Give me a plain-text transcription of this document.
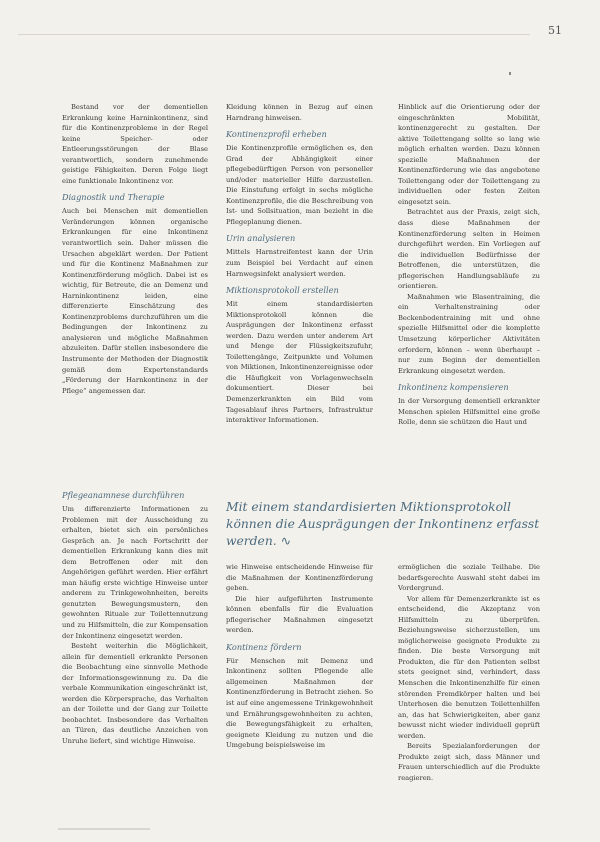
51

Bestand vor der dementiellen Erkrankung keine Harninkontinenz, sind für die Kontinenzprobleme in der Regel keine Speicher- oder Entleerungsstörungen der Blase verantwortlich, sondern zunehmende geistige Fähigkeiten. Deren Folge liegt eine funktionale Inkontinenz vor.

Diagnostik und Therapie

Auch bei Menschen mit dementiellen Veränderungen können organische Erkrankungen für eine Inkontinenz verantwortlich sein. Daher müssen die Ursachen abgeklärt werden. Der Patient und für die Kontinenz Maßnahmen zur Kontinenzförderung möglich. Dabei ist es wichtig, für Betreute, die an Demenz und Harninkontinenz leiden, eine differenzierte Einschätzung des Kontinenzproblems durchzuführen um die Bedingungen der Inkontinenz zu analysieren und mögliche Maßnahmen abzuleiten. Dafür stellen insbesondere die Instrumente der Methoden der Diagnostik gemäß dem Expertenstandards „Förderung der Harnkontinenz in der Pflege“ angemessen dar.

Pflegeanamnese durchführen

Um differenzierte Informationen zu Problemen mit der Ausscheidung zu erhalten, bietet sich ein persönliches Gespräch an. Je nach Fortschritt der dementiellen Erkrankung kann dies mit dem Betroffenen oder mit den Angehörigen geführt werden. Hier erfährt man häufig erste wichtige Hinweise unter anderem zu Trinkgewohnheiten, bereits genutzten Bewegungsmustern, den gewohnten Rituale zur Toilettennutzung und zu Hilfsmitteln, die zur Kompensation der Inkontinenz eingesetzt werden.

Besteht weiterhin die Möglichkeit, allein für dementiell erkrankte Personen die Beobachtung eine sinnvolle Methode der Informationsgewinnung zu. Da die verbale Kommunikation eingeschränkt ist, werden die Körpersprache, das Verhalten an der Toilette und der Gang zur Toilette beobachtet. Insbesondere das Verhalten an Türen, das deutliche Anzeichen von Unruhe liefert, sind wichtige Hinweise.

Kleidung können in Bezug auf einen Harndrang hinweisen.

Kontinenzprofil erheben

Die Kontinenzprofile ermöglichen es, den Grad der Abhängigkeit einer pflegebedürftigen Person von personeller und/oder materieller Hilfe darzustellen. Die Einstufung erfolgt in sechs mögliche Kontinenzprofile, die die Beschreibung von Ist- und Sollsituation, man bezieht in die Pflegeplanung dienen.

Urin analysieren

Mittels Harnstreifentest kann der Urin zum Beispiel bei Verdacht auf einen Harnwegsinfekt analysiert werden.

Miktionsprotokoll erstellen

Mit einem standardisierten Miktionsprotokoll können die Ausprägungen der Inkontinenz erfasst werden. Dazu werden unter anderem Art und Menge der Flüssigkeitszufuhr, Toilettengänge, Zeitpunkte und Volumen von Miktionen, Inkontinenzereignisse oder die Häufigkeit von Vorlagenwechseln dokumentiert. Dieser bei Demenzerkrankten ein Bild vom Tagesablauf ihres Partners, Infrastruktur interaktiver Informationen.

wie Hinweise entscheidende Hinweise für die Maßnahmen der Kontinenzförderung geben.

Die hier aufgeführten Instrumente können ebenfalls für die Evaluation pflegerischer Maßnahmen eingesetzt werden.

Kontinenz fördern

Für Menschen mit Demenz und Inkontinenz sollten Pflegende alle allgemeinen Maßnahmen der Kontinenzförderung in Betracht ziehen. So ist auf eine angemessene Trinkgewohnheit und Ernährungsgewohnheiten zu achten, die Bewegungsfähigkeit zu erhalten, geeignete Kleidung zu nutzen und die Umgebung beispielsweise im

Hinblick auf die Orientierung oder der eingeschränkten Mobilität, kontinenzgerecht zu gestalten. Der aktive Toilettengang sollte so lang wie möglich erhalten werden. Dazu können spezielle Maßnahmen der Kontinenzförderung wie das angebotene Toilettengang oder der Toilettengang zu individuellen oder festen Zeiten eingesetzt sein.

Betrachtet aus der Praxis, zeigt sich, dass diese Maßnahmen der Kontinenzförderung selten in Heimen durchgeführt werden. Ein Vorliegen auf die individuellen Bedürfnisse der Betroffenen, die unterstützen, die pflegerischen Handlungsabläufe zu orientieren.

Maßnahmen wie Blasentraining, die ein Verhaltenstraining oder Beckenbodentraining mit und ohne spezielle Hilfsmittel oder die komplette Umsetzung körperlicher Aktivitäten erfordern, können – wenn überhaupt – nur zum Beginn der dementiellen Erkrankung eingesetzt werden.

Inkontinenz kompensieren

In der Versorgung dementiell erkrankter Menschen spielen Hilfsmittel eine große Rolle, denn sie schützen die Haut und

ermöglichen die soziale Teilhabe. Die bedarfsgerechte Auswahl steht dabei im Vordergrund.

Vor allem für Demenzerkrankte ist es entscheidend, die Akzeptanz von Hilfsmitteln zu überprüfen. Beziehungsweise sicherzustellen, um möglicherweise geeignete Produkte zu finden. Die beste Versorgung mit Produkten, die für den Patienten selbst stets geeignet sind, verhindert, dass Menschen die Inkontinenzhilfe für einen störenden Fremdkörper halten und bei Unterhosen die benutzen Toilettenhilfen an, das hat Schwierigkeiten, aber ganz bewusst nicht wieder individuell geprüft werden.

Bereits Spezialanforderungen der Produkte zeigt sich, dass Männer und Frauen unterschiedlich auf die Produkte reagieren.

Mit einem standardisierten Miktionsprotokoll können die Ausprägungen der Inkontinenz erfasst werden. ∿
